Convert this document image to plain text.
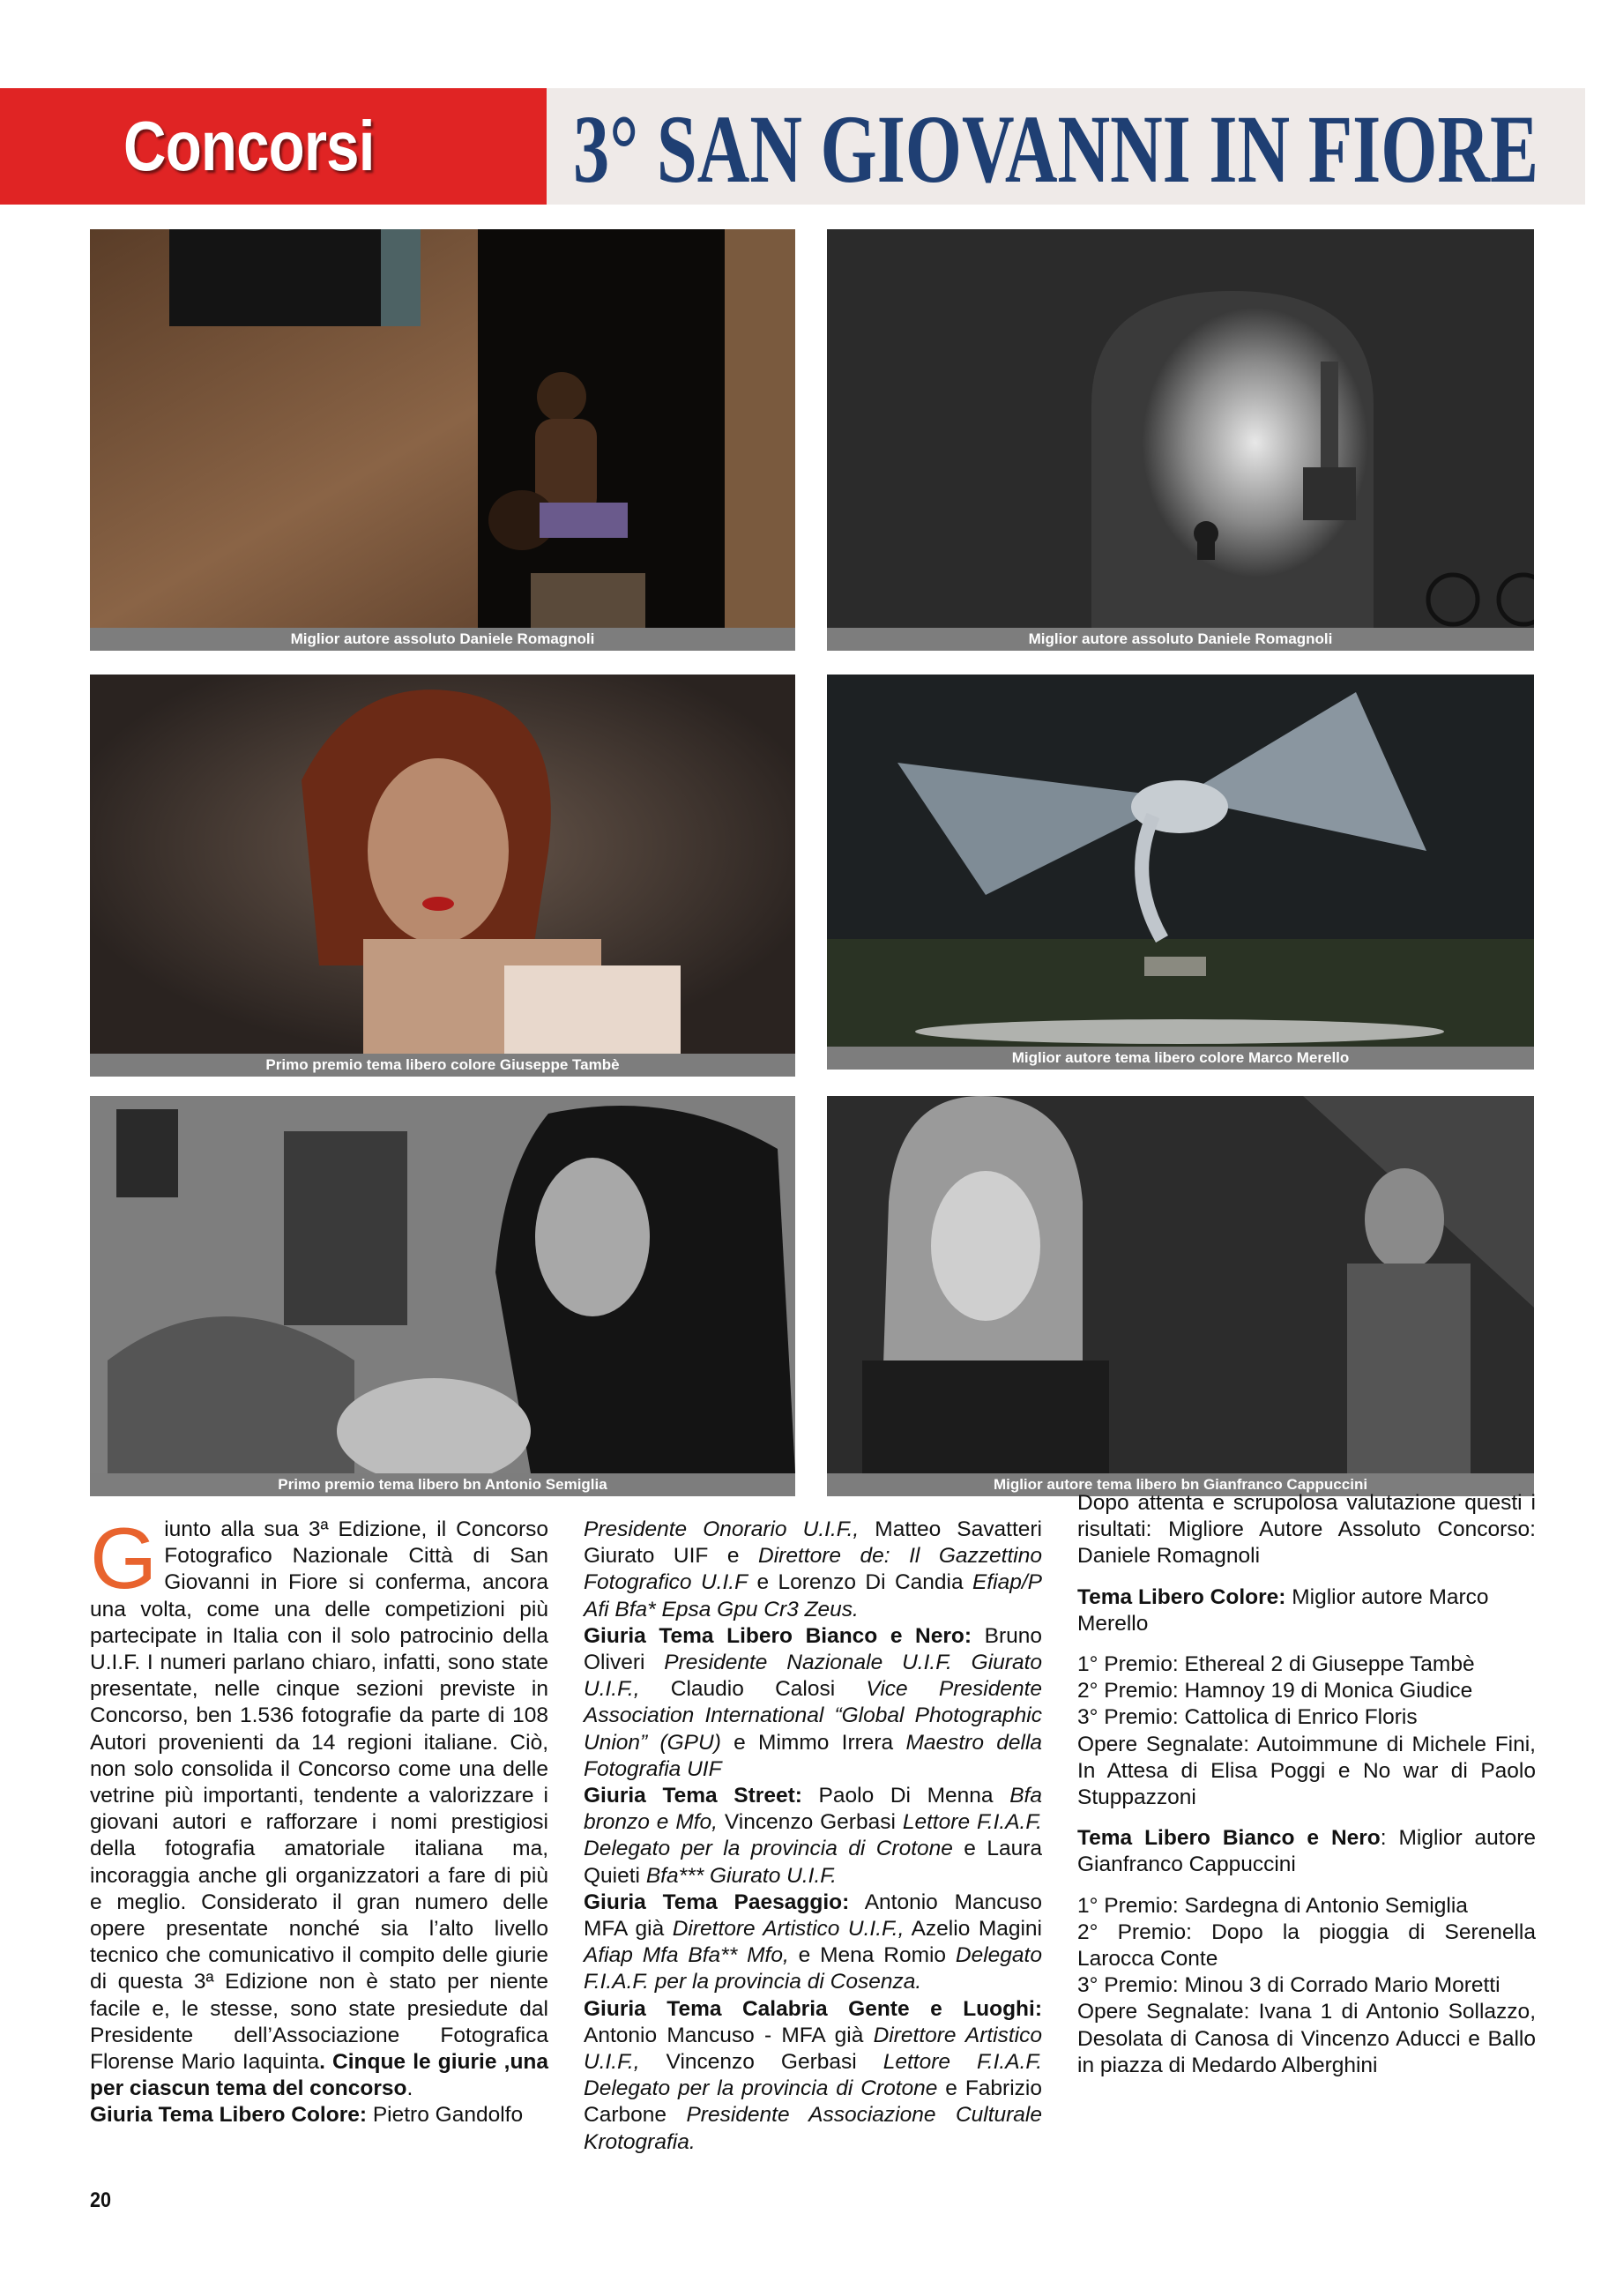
Concorsi 3° SAN GIOVANNI IN FIORE
Miglior autore assoluto Daniele Romagnoli	Miglior autore assoluto Daniele Romagnoli
Primo premio tema libero colore Giuseppe Tambè	Miglior autore tema libero colore Marco Merello
Primo premio tema libero bn Antonio Semiglia	Miglior autore tema libero bn Gianfranco Cappuccini

Giunto alla sua 3ª Edizione, il Concorso Fotografico Nazionale Città di San Giovanni in Fiore si conferma, ancora una volta, come una delle competizioni più partecipate in Italia con il solo patrocinio della U.I.F. I numeri parlano chiaro, infatti, sono state presentate, nelle cinque sezioni previste in Concorso, ben 1.536 fotografie da parte di 108 Autori provenienti da 14 regioni italiane. Ciò, non solo consolida il Concorso come una delle vetrine più importanti, tendente a valorizzare i giovani autori e rafforzare i nomi prestigiosi della fotografia amatoriale italiana ma, incoraggia anche gli organizzatori a fare di più e meglio. Considerato il gran numero delle opere presentate nonché sia l’alto livello tecnico che comunicativo il compito delle giurie di questa 3ª Edizione non è stato per niente facile e, le stesse, sono state presiedute dal Presidente dell’Associazione Fotografica Florense Mario Iaquinta. Cinque le giurie ,una per ciascun tema del concorso.

Giuria Tema Libero Colore: Pietro Gandolfo

Presidente Onorario U.I.F., Matteo Savatteri Giurato UIF e Direttore de: Il Gazzettino Fotografico U.I.F e Lorenzo Di Candia Efiap/P Afi Bfa* Epsa Gpu Cr3 Zeus.

Giuria Tema Libero Bianco e Nero: Bruno Oliveri Presidente Nazionale U.I.F. Giurato U.I.F., Claudio Calosi Vice Presidente Association International “Global Photographic Union” (GPU) e Mimmo Irrera Maestro della Fotografia UIF

Giuria Tema Street: Paolo Di Menna Bfa bronzo e Mfo, Vincenzo Gerbasi Lettore F.I.A.F. Delegato per la provincia di Crotone e Laura Quieti Bfa*** Giurato U.I.F.

Giuria Tema Paesaggio: Antonio Mancuso MFA già Direttore Artistico U.I.F., Azelio Magini Afiap Mfa Bfa** Mfo, e Mena Romio Delegato F.I.A.F. per la provincia di Cosenza.

Giuria Tema Calabria Gente e Luoghi: Antonio Mancuso - MFA già Direttore Artistico U.I.F., Vincenzo Gerbasi Lettore F.I.A.F. Delegato per la provincia di Crotone e Fabrizio Carbone Presidente Associazione Culturale Krotografia.

Dopo attenta e scrupolosa valutazione questi i risultati: Migliore Autore Assoluto Concorso: Daniele Romagnoli

Tema Libero Colore: Miglior autore Marco Merello

1° Premio: Ethereal 2 di Giuseppe Tambè

2° Premio: Hamnoy 19 di Monica Giudice

3° Premio: Cattolica di Enrico Floris

Opere Segnalate: Autoimmune di Michele Fini, In Attesa di Elisa Poggi e No war di Paolo Stuppazzoni

Tema Libero Bianco e Nero: Miglior autore Gianfranco Cappuccini

1° Premio: Sardegna di Antonio Semiglia

2° Premio: Dopo la pioggia di Serenella Larocca Conte

3° Premio: Minou 3 di Corrado Mario Moretti

Opere Segnalate: Ivana 1 di Antonio Sollazzo, Desolata di Canosa di Vincenzo Aducci e Ballo in piazza di Medardo Alberghini

20
